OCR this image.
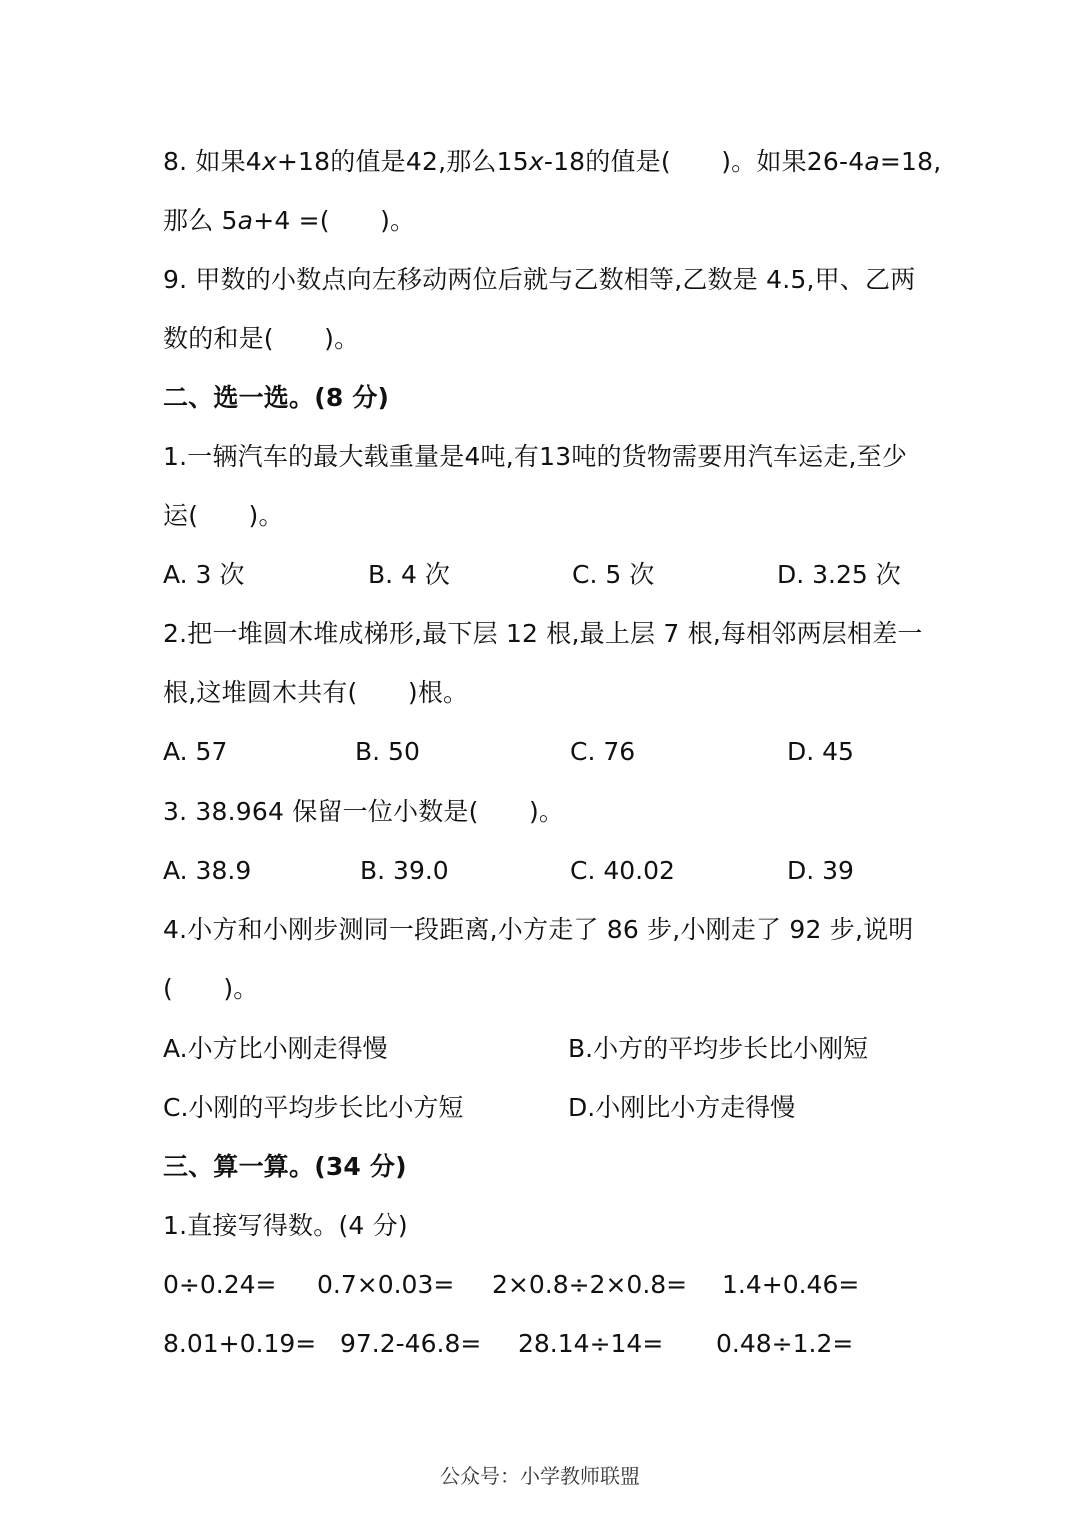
8. 如果4x+18的值是42,那么15x-18的值是(　　)。如果26-4a=18,
那么 5a+4 =(　　)。
9. 甲数的小数点向左移动两位后就与乙数相等,乙数是 4.5,甲、乙两
数的和是(　　)。
二、选一选。(8 分)
1.一辆汽车的最大载重量是4吨,有13吨的货物需要用汽车运走,至少
运(　　)。
A. 3 次	B. 4 次	C. 5 次	D. 3.25 次
2.把一堆圆木堆成梯形,最下层 12 根,最上层 7 根,每相邻两层相差一
根,这堆圆木共有(　　)根。
A. 57	B. 50	C. 76	D. 45
3. 38.964 保留一位小数是(　　)。
A. 38.9	B. 39.0	C. 40.02	D. 39
4.小方和小刚步测同一段距离,小方走了 86 步,小刚走了 92 步,说明
(　　)。
A.小方比小刚走得慢	B.小方的平均步长比小刚短
C.小刚的平均步长比小方短	D.小刚比小方走得慢
三、算一算。(34 分)
1.直接写得数。(4 分)
0÷0.24= 0.7×0.03= 2×0.8÷2×0.8= 1.4+0.46=
8.01+0.19= 97.2-46.8= 28.14÷14= 0.48÷1.2=
公众号：小学教师联盟
